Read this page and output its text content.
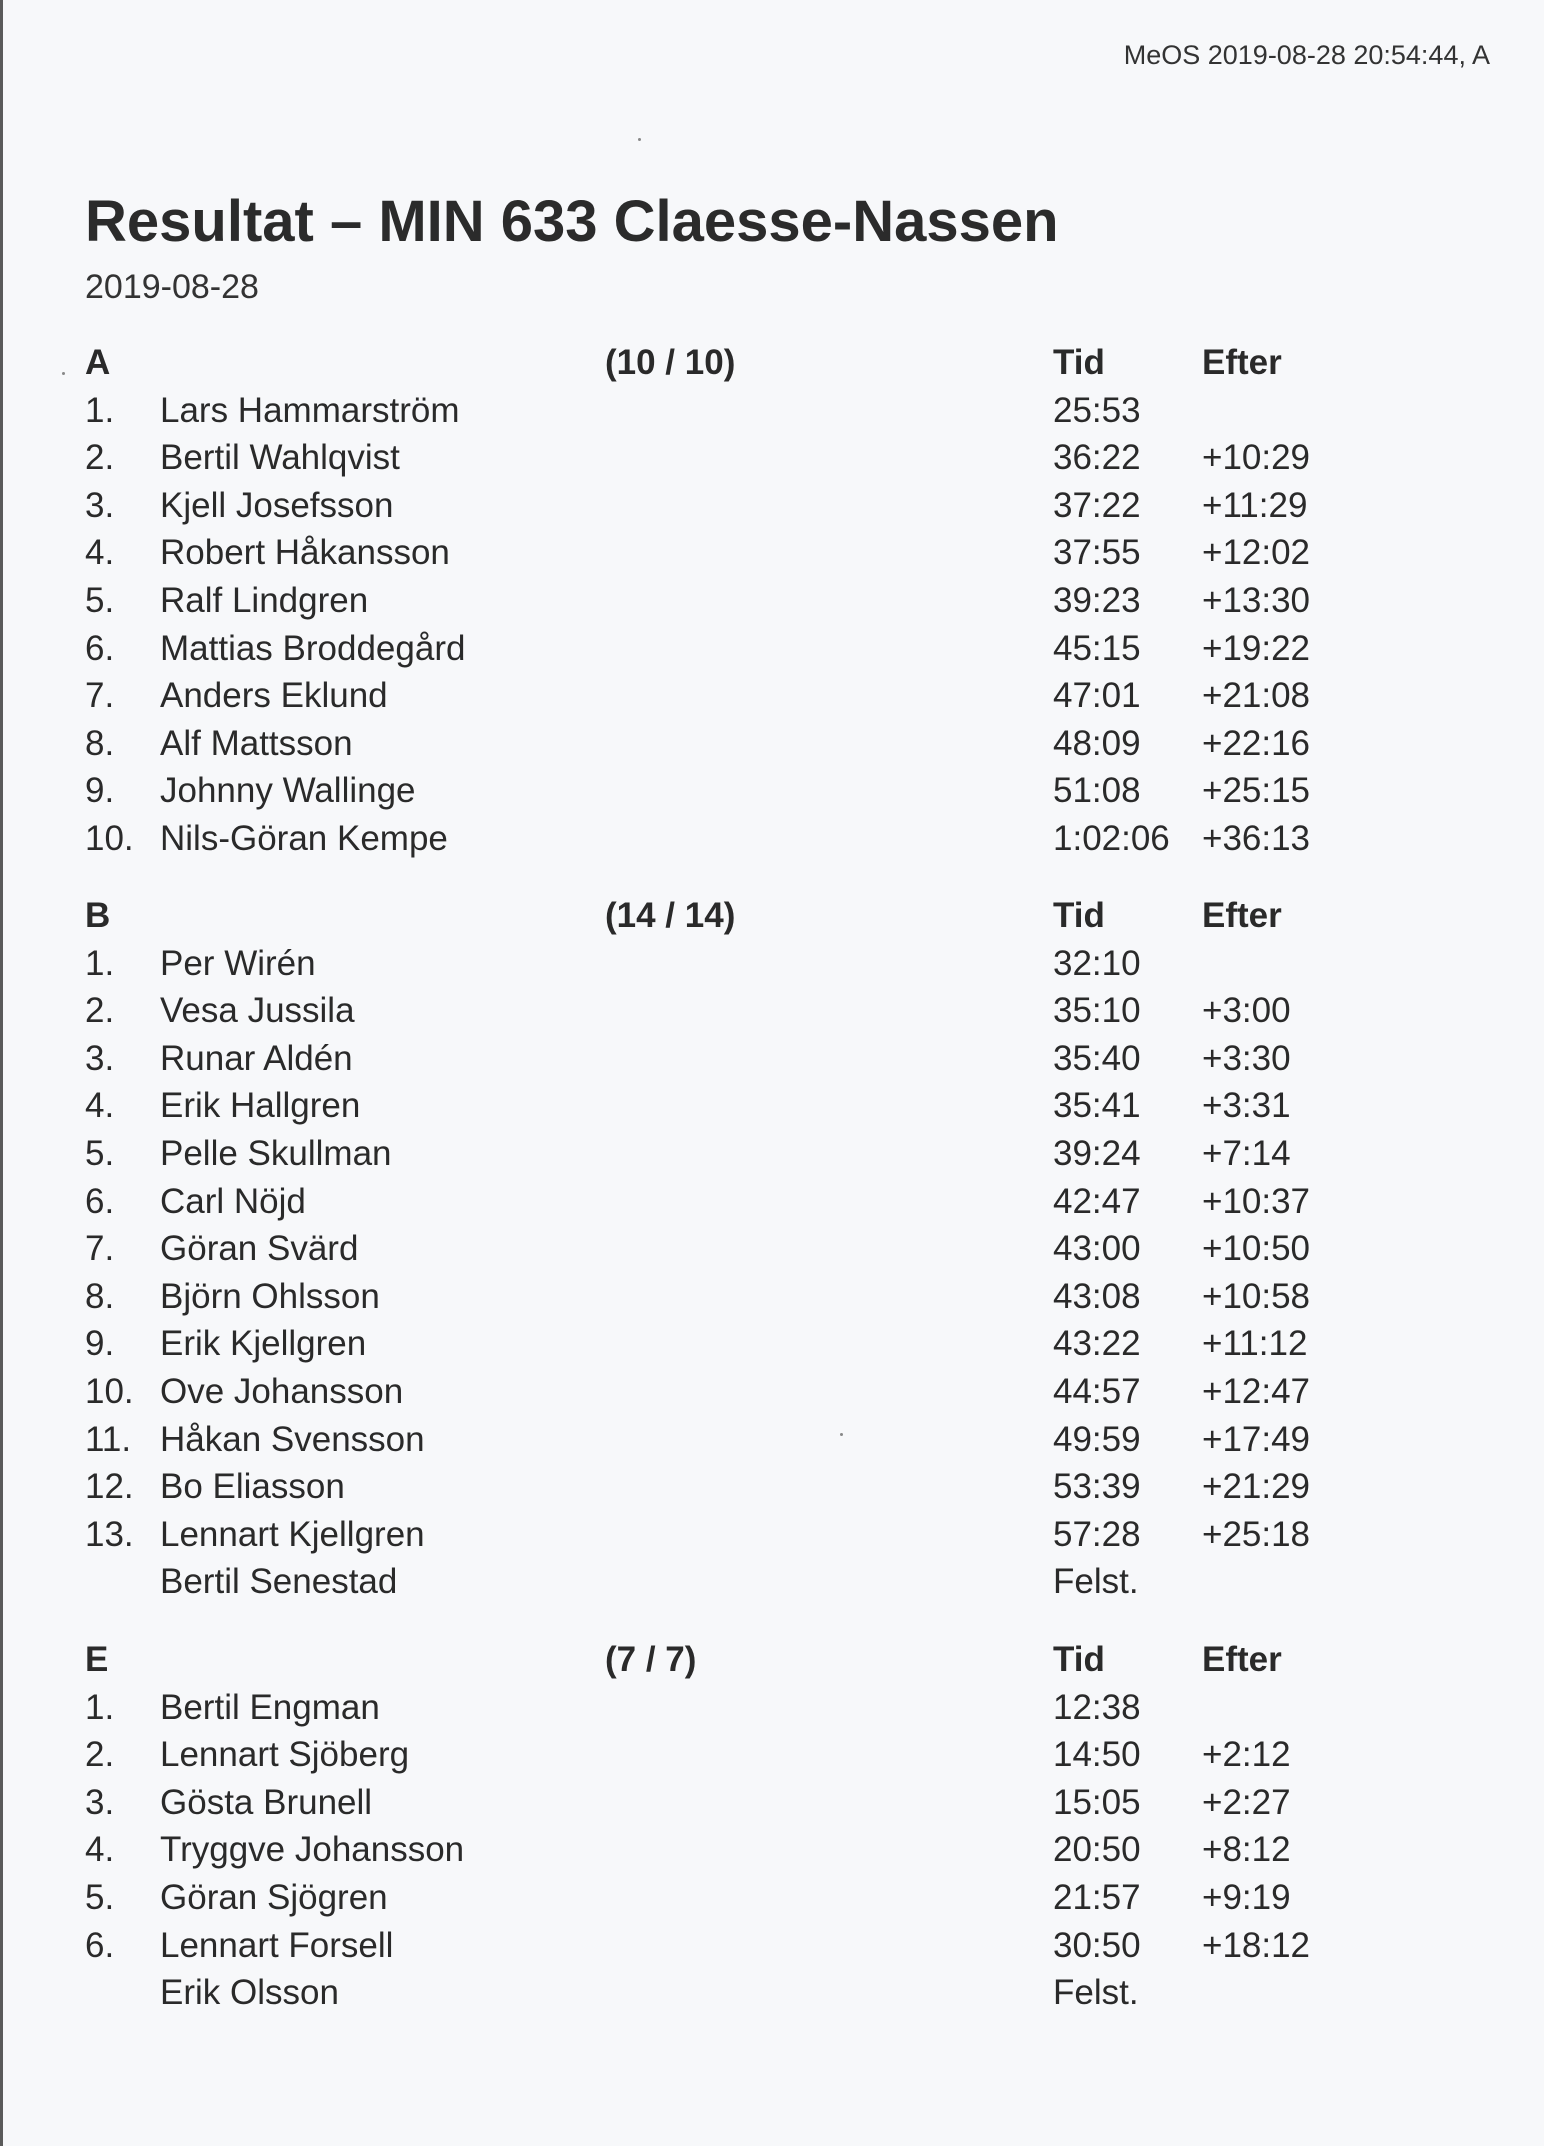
MeOS 2019-08-28 20:54:44, A
Resultat – MIN 633 Claesse-Nassen
2019-08-28
A	(10 / 10)	Tid	Efter
1. Lars Hammarström	25:53
2. Bertil Wahlqvist	36:22 +10:29
3. Kjell Josefsson	37:22 +11:29
4. Robert Håkansson	37:55 +12:02
5. Ralf Lindgren	39:23 +13:30
6. Mattias Broddegård	45:15 +19:22
7. Anders Eklund	47:01 +21:08
8. Alf Mattsson	48:09 +22:16
9. Johnny Wallinge	51:08 +25:15
10. Nils-Göran Kempe	1:02:06 +36:13
B	(14 / 14)	Tid	Efter
1. Per Wirén	32:10
2. Vesa Jussila	35:10 +3:00
3. Runar Aldén	35:40 +3:30
4. Erik Hallgren	35:41 +3:31
5. Pelle Skullman	39:24 +7:14
6. Carl Nöjd	42:47 +10:37
7. Göran Svärd	43:00 +10:50
8. Björn Ohlsson	43:08 +10:58
9. Erik Kjellgren	43:22 +11:12
10. Ove Johansson	44:57 +12:47
11. Håkan Svensson	49:59 +17:49
12. Bo Eliasson	53:39 +21:29
13. Lennart Kjellgren	57:28 +25:18
Bertil Senestad	Felst.
E	(7 / 7)	Tid	Efter
1. Bertil Engman	12:38
2. Lennart Sjöberg	14:50 +2:12
3. Gösta Brunell	15:05 +2:27
4. Tryggve Johansson	20:50 +8:12
5. Göran Sjögren	21:57 +9:19
6. Lennart Forsell	30:50 +18:12
Erik Olsson	Felst.
